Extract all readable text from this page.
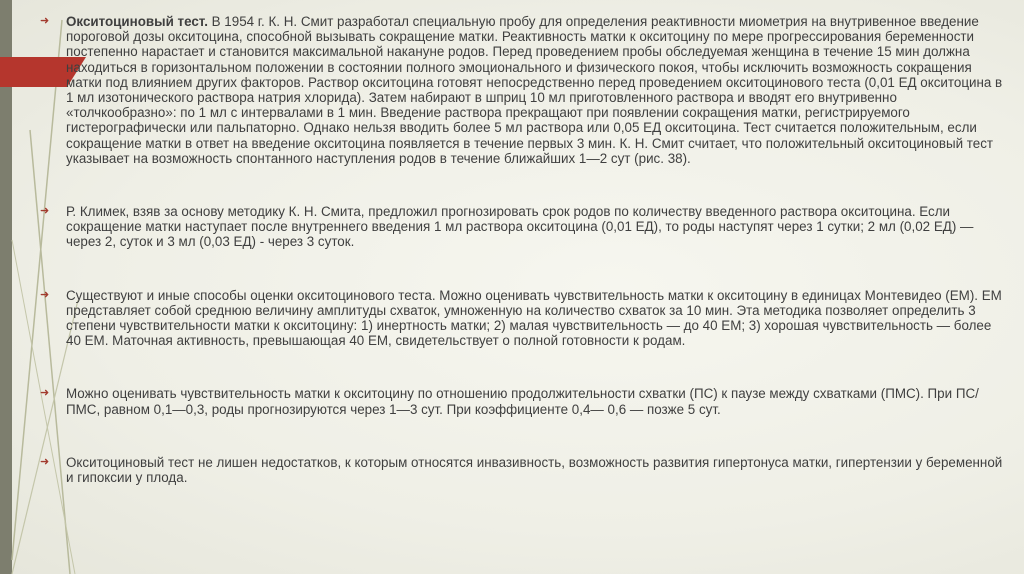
➜ Окситоциновый тест. В 1954 г. К. Н. Смит разработал специальную пробу для определения реактивности миометрия на внутривенное введение пороговой дозы окситоцина, способной вызывать сокращение матки. Реактивность матки к окситоцину по мере прогрессирования беременности постепенно нарастает и становится максимальной накануне родов. Перед проведением пробы обследуемая женщина в течение 15 мин должна находиться в горизонтальном положении в состоянии полного эмоционального и физического покоя, чтобы исключить возможность сокращения матки под влиянием других факторов. Раствор окситоцина готовят непосредственно перед проведением окситоцинового теста (0,01 ЕД окситоцина в 1 мл изотонического раствора натрия хлорида). Затем набирают в шприц 10 мл приготовленного раствора и вводят его внутривенно «толчкообразно»: по 1 мл с интервалами в 1 мин. Введение раствора прекращают при появлении сокращения матки, регистрируемого гистерографически или пальпаторно. Однако нельзя вводить более 5 мл раствора или 0,05 ЕД окситоцина. Тест считается положительным, если сокращение матки в ответ на введение окситоцина появляется в течение первых 3 мин. К. Н. Смит считает, что положительный окситоциновый тест указывает на возможность спонтанного наступления родов в течение ближайших 1—2 сут (рис. 38).
➜ Р. Климек, взяв за основу методику К. Н. Смита, предложил прогнозировать срок родов по количеству введенного раствора окситоцина. Если сокращение матки наступает после внутреннего введения 1 мл раствора окситоцина (0,01 ЕД), то роды наступят через 1 сутки; 2 мл (0,02 ЕД) — через 2, суток и 3 мл (0,03 ЕД) - через 3 суток.
➜ Существуют и иные способы оценки окситоцинового теста. Можно оценивать чувствительность матки к окситоцину в единицах Монтевидео (ЕМ). ЕМ представляет собой среднюю величину амплитуды схваток, умноженную на количество схваток за 10 мин. Эта методика позволяет определить 3 степени чувствительности матки к окситоцину: 1) инертность матки; 2) малая чувствительность — до 40 ЕМ; 3) хорошая чувствительность — более 40 ЕМ. Маточная активность, превышающая 40 ЕМ, свидетельствует о полной готовности к родам.
➜ Можно оценивать чувствительность матки к окситоцину по отношению продолжительности схватки (ПС) к паузе между схватками (ПМС). При ПС/ПМС, равном 0,1—0,3, роды прогнозируются через 1—3 сут. При коэффициенте 0,4— 0,6 — позже 5 сут.
➜ Окситоциновый тест не лишен недостатков, к которым относятся инвазивность, возможность развития гипертонуса матки, гипертензии у беременной и гипоксии у плода.
